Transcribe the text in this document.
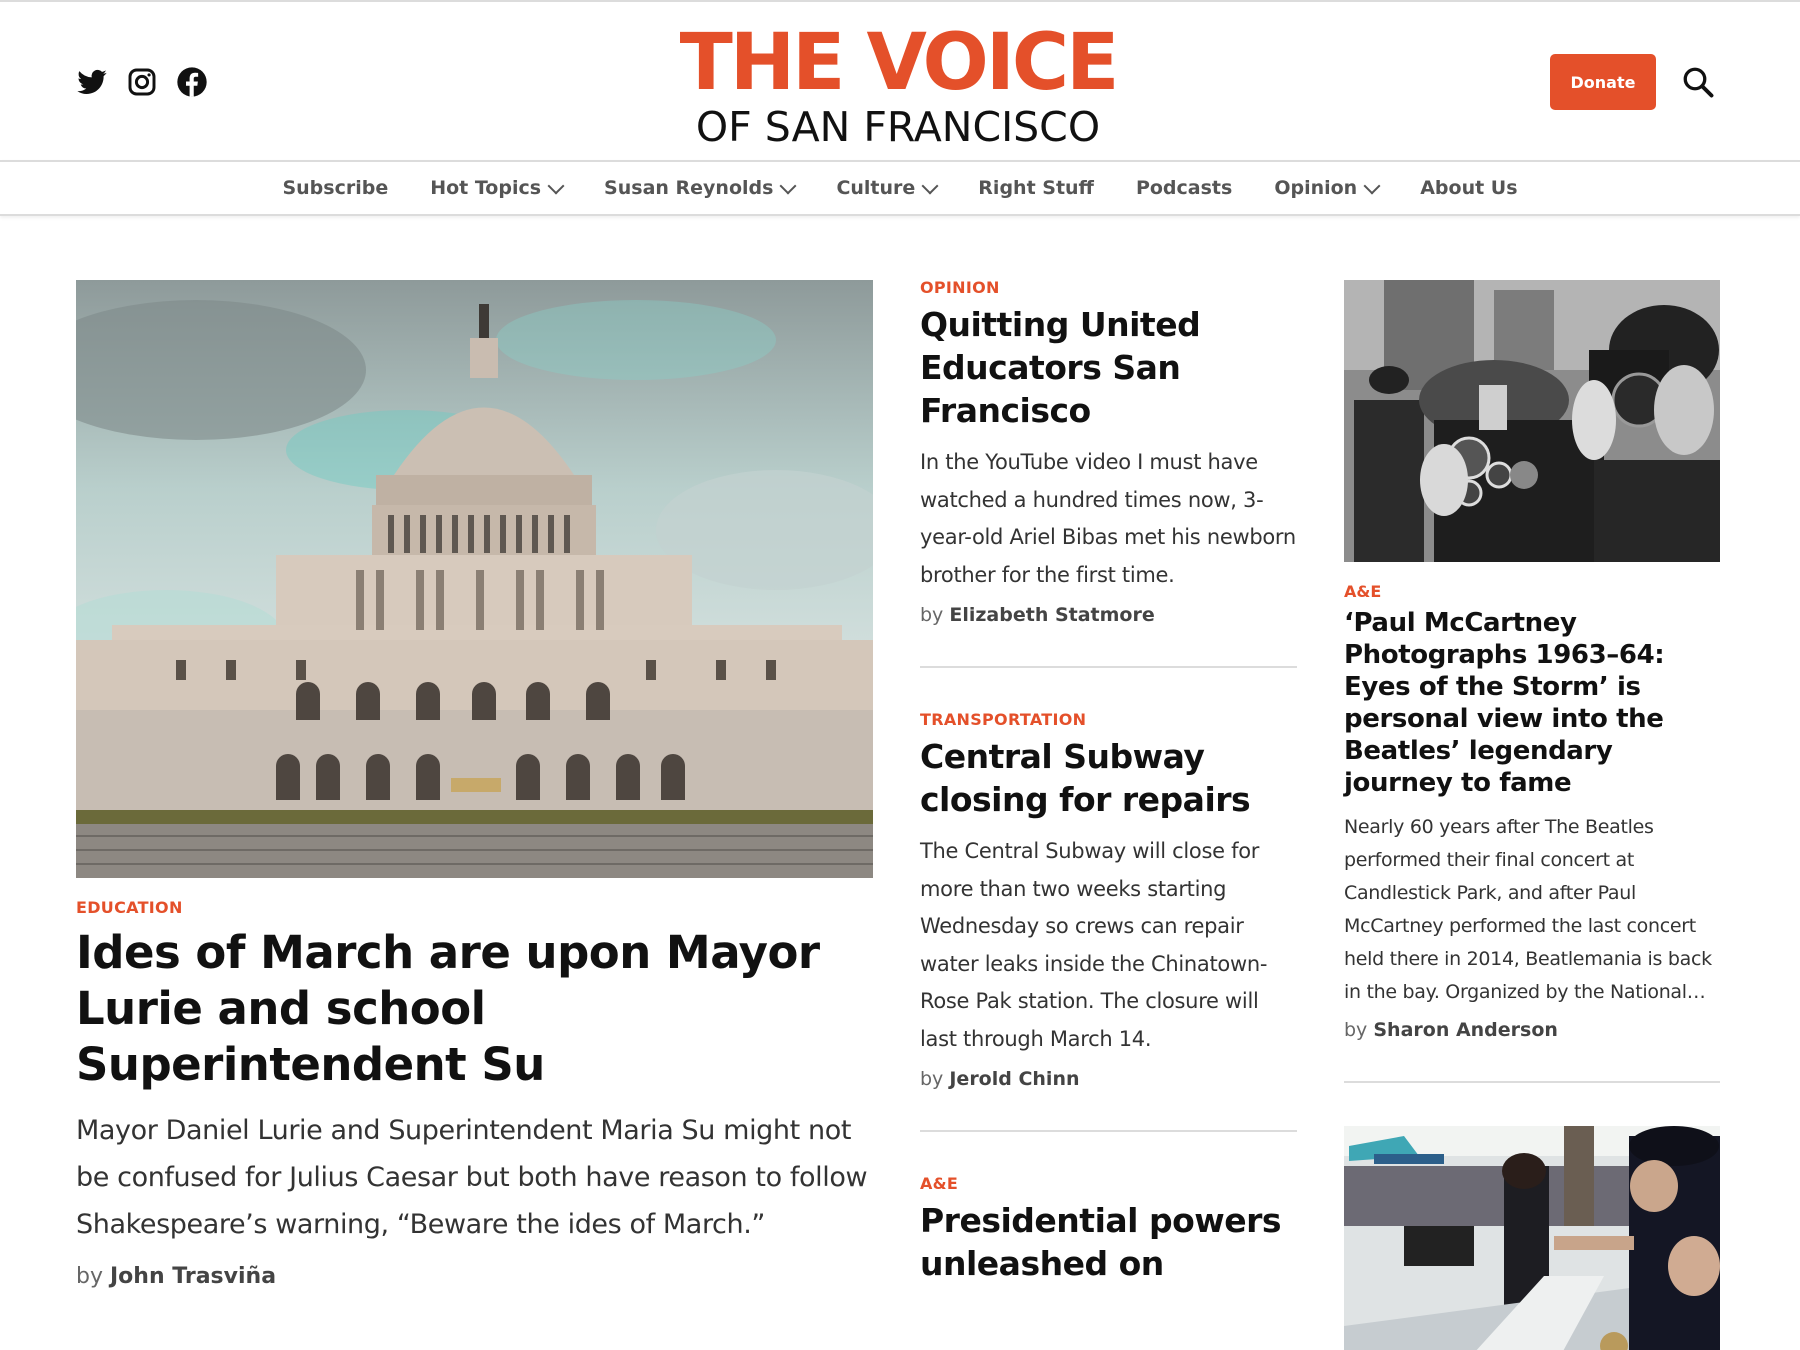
THE VOICE
OF SAN FRANCISCO
Donate
Subscribe Hot Topics	Susan Reynolds	Culture	Right Stuff Podcasts Opinion	About Us
EDUCATION
Ides of March are upon Mayor Lurie and school Superintendent Su

Mayor Daniel Lurie and Superintendent Maria Su might not be confused for Julius Caesar but both have reason to follow Shakespeare’s warning, “Beware the ides of March.”

by John Trasviña
OPINION
Quitting United Educators San Francisco

In the YouTube video I must have watched a hundred times now, 3-year-old Ariel Bibas met his newborn brother for the first time.

by Elizabeth Statmore
TRANSPORTATION
Central Subway closing for repairs

The Central Subway will close for more than two weeks starting Wednesday so crews can repair water leaks inside the Chinatown-Rose Pak station. The closure will last through March 14.

by Jerold Chinn
A&E
Presidential powers unleashed on
A&E
‘Paul McCartney Photographs 1963–64: Eyes of the Storm’ is personal view into the Beatles’ legendary journey to fame

Nearly 60 years after The Beatles performed their final concert at Candlestick Park, and after Paul McCartney performed the last concert held there in 2014, Beatlemania is back in the bay. Organized by the National…

by Sharon Anderson
